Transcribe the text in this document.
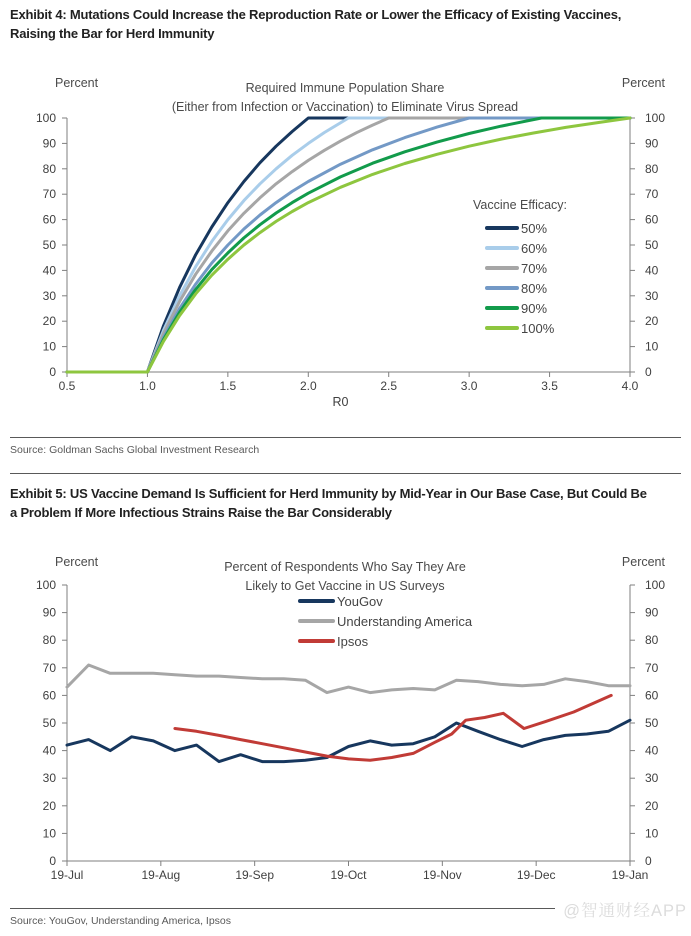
Exhibit 4: Mutations Could Increase the Reproduction Rate or Lower the Efficacy of Existing Vaccines,
Raising the Bar for Herd Immunity
Percent	Percent
Required Immune Population Share
(Either from Infection or Vaccination) to Eliminate Virus Spread
0	0
10	10
20	20
30	30
40	40
50	50
60	60
70	70
80	80
90	90
100	100
0.5	1.0	1.5	2.0	2.5	3.0	3.5	4.0
R0
Vaccine Efficacy:
50%
60%
70%
80%
90%
100%
Source: Goldman Sachs Global Investment Research
Exhibit 5: US Vaccine Demand Is Sufficient for Herd Immunity by Mid-Year in Our Base Case, But Could Be
a Problem If More Infectious Strains Raise the Bar Considerably
Percent	Percent
Percent of Respondents Who Say They Are
Likely to Get Vaccine in US Surveys
YouGov
Understanding America
Ipsos
0	0
10	10
20	20
30	30
40	40
50	50
60	60
70	70
80	80
90	90
100	100
19-Jul	19-Aug	19-Sep	19-Oct	19-Nov	19-Dec	19-Jan
@智通财经APP
Source: YouGov, Understanding America, Ipsos
